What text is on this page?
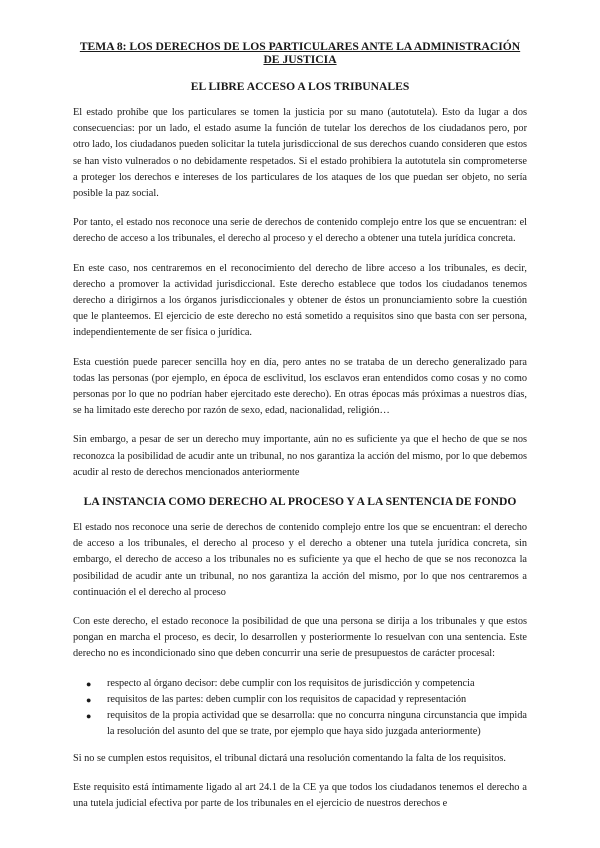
TEMA 8: LOS DERECHOS DE LOS PARTICULARES ANTE LA ADMINISTRACIÓN DE JUSTICIA
EL LIBRE ACCESO A LOS TRIBUNALES

El estado prohíbe que los particulares se tomen la justicia por su mano (autotutela). Esto da lugar a dos consecuencias: por un lado, el estado asume la función de tutelar los derechos de los ciudadanos pero, por otro lado, los ciudadanos pueden solicitar la tutela jurisdiccional de sus derechos cuando consideren que estos se han visto vulnerados o no debidamente respetados. Si el estado prohibiera la autotutela sin comprometerse a proteger los derechos e intereses de los particulares de los ataques de los que puedan ser objeto, no sería posible la paz social.

Por tanto, el estado nos reconoce una serie de derechos de contenido complejo entre los que se encuentran: el derecho de acceso a los tribunales, el derecho al proceso y el derecho a obtener una tutela jurídica concreta.

En este caso, nos centraremos en el reconocimiento del derecho de libre acceso a los tribunales, es decir, derecho a promover la actividad jurisdiccional. Este derecho establece que todos los ciudadanos tenemos derecho a dirigirnos a los órganos jurisdiccionales y obtener de éstos un pronunciamiento sobre la cuestión que le planteemos. El ejercicio de este derecho no está sometido a requisitos sino que basta con ser persona, independientemente de ser física o jurídica.

Esta cuestión puede parecer sencilla hoy en día, pero antes no se trataba de un derecho generalizado para todas las personas (por ejemplo, en época de esclivitud, los esclavos eran entendidos como cosas y no como personas por lo que no podrían haber ejercitado este derecho). En otras épocas más próximas a nuestros días, se ha limitado este derecho por razón de sexo, edad, nacionalidad, religión…

Sin embargo, a pesar de ser un derecho muy importante, aún no es suficiente ya que el hecho de que se nos reconozca la posibilidad de acudir ante un tribunal, no nos garantiza la acción del mismo, por lo que debemos acudir al resto de derechos mencionados anteriormente

LA INSTANCIA COMO DERECHO AL PROCESO Y A LA SENTENCIA DE FONDO

El estado nos reconoce una serie de derechos de contenido complejo entre los que se encuentran: el derecho de acceso a los tribunales, el derecho al proceso y el derecho a obtener una tutela jurídica concreta, sin embargo, el derecho de acceso a los tribunales no es suficiente ya que el hecho de que se nos reconozca la posibilidad de acudir ante un tribunal, no nos garantiza la acción del mismo, por lo que nos centraremos a continuación el el derecho al proceso

Con este derecho, el estado reconoce la posibilidad de que una persona se dirija a los tribunales y que estos pongan en marcha el proceso, es decir, lo desarrollen y posteriormente lo resuelvan con una sentencia. Este derecho no es incondicionado sino que deben concurrir una serie de presupuestos de carácter procesal:

● respecto al órgano decisor: debe cumplir con los requisitos de jurisdicción y competencia
● requisitos de las partes: deben cumplir con los requisitos de capacidad y representación
● requisitos de la propia actividad que se desarrolla: que no concurra ninguna circunstancia que impida la resolución del asunto del que se trate, por ejemplo que haya sido juzgada anteriormente)

Si no se cumplen estos requisitos, el tribunal dictará una resolución comentando la falta de los requisitos.

Este requisito está íntimamente ligado al art 24.1 de la CE ya que todos los ciudadanos tenemos el derecho a una tutela judicial efectiva por parte de los tribunales en el ejercicio de nuestros derechos e
